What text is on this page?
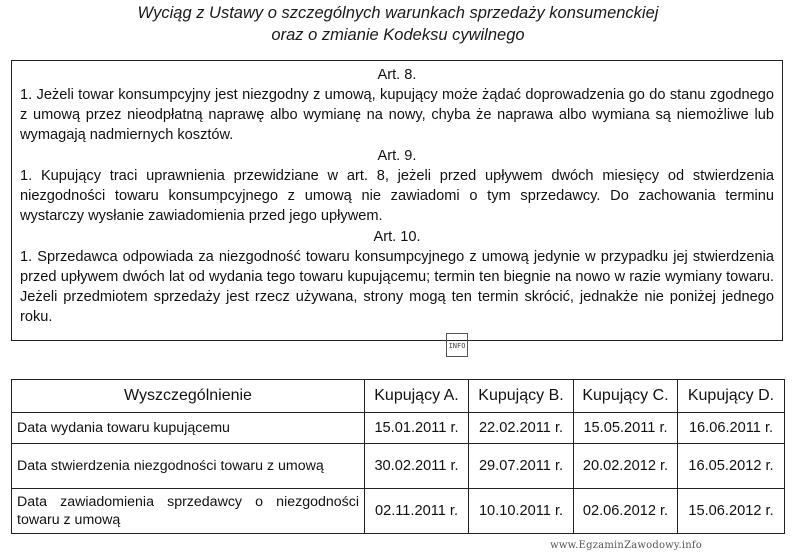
Wyciąg z Ustawy o szczególnych warunkach sprzedaży konsumenckiej
oraz o zmianie Kodeksu cywilnego

Art. 8.

1. Jeżeli towar konsumpcyjny jest niezgodny z umową, kupujący może żądać doprowadzenia go do stanu zgodnego z umową przez nieodpłatną naprawę albo wymianę na nowy, chyba że naprawa albo wymiana są niemożliwe lub wymagają nadmiernych kosztów.

Art. 9.

1. Kupujący traci uprawnienia przewidziane w art. 8, jeżeli przed upływem dwóch miesięcy od stwierdzenia niezgodności towaru konsumpcyjnego z umową nie zawiadomi o tym sprzedawcy. Do zachowania terminu wystarczy wysłanie zawiadomienia przed jego upływem.

Art. 10.

1. Sprzedawca odpowiada za niezgodność towaru konsumpcyjnego z umową jedynie w przypadku jej stwierdzenia przed upływem dwóch lat od wydania tego towaru kupującemu; termin ten biegnie na nowo w razie wymiany towaru. Jeżeli przedmiotem sprzedaży jest rzecz używana, strony mogą ten termin skrócić, jednakże nie poniżej jednego roku.

INFO
Wyszczególnienie	Kupujący A.	Kupujący B.	Kupujący C.	Kupujący D.
Data wydania towaru kupującemu	15.01.2011 r.	22.02.2011 r.	15.05.2011 r.	16.06.2011 r.
Data stwierdzenia niezgodności towaru z umową	30.02.2011 r.	29.07.2011 r.	20.02.2012 r.	16.05.2012 r.
Data zawiadomienia sprzedawcy o niezgodności towaru z umową	02.11.2011 r.	10.10.2011 r.	02.06.2012 r.	15.06.2012 r.
www.EgzaminZawodowy.info
